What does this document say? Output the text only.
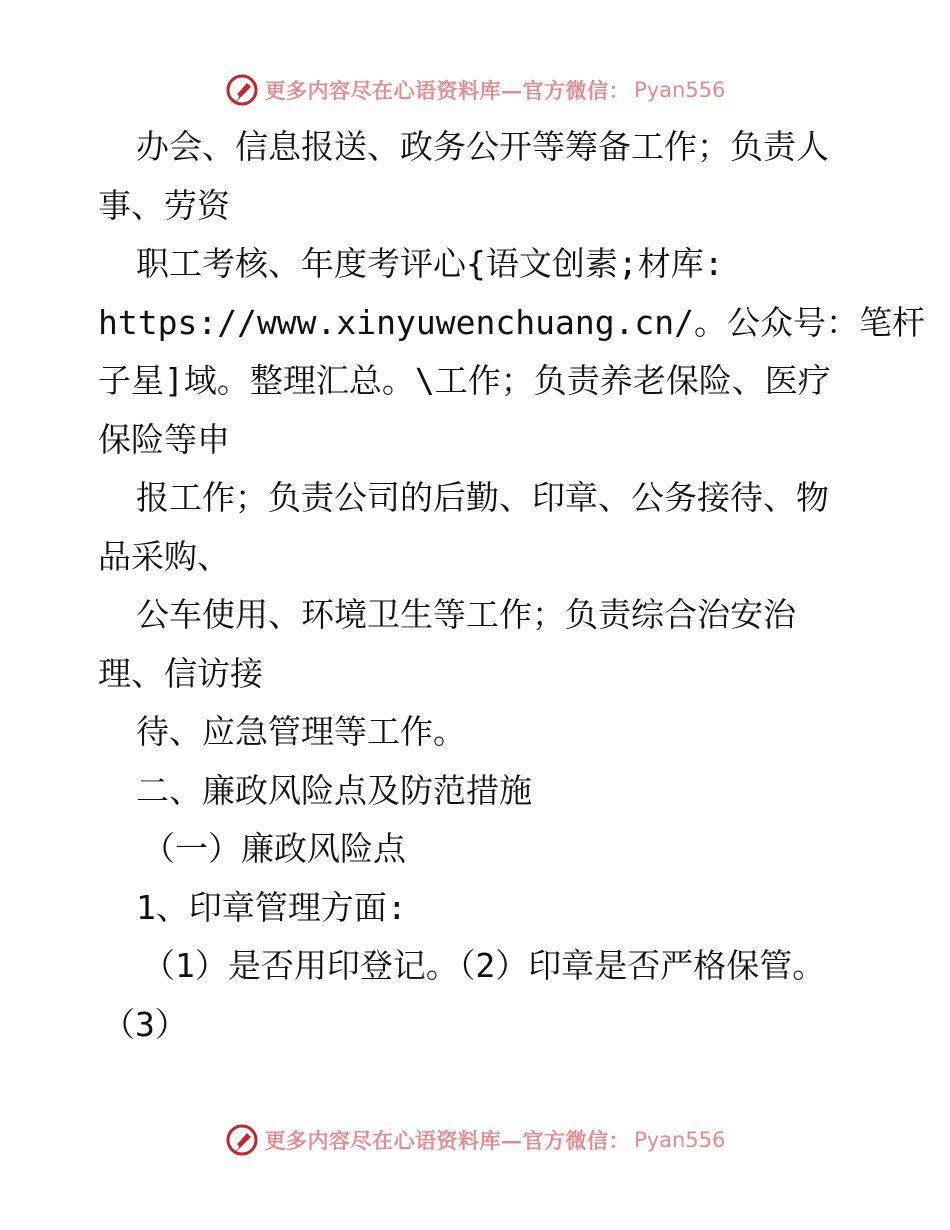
更多内容尽在心语资料库—官方微信： Pyan556
办会、信息报送、政务公开等筹备工作；负责人
事、劳资
职工考核、年度考评心{语文创素;材库:
https://www.xinyuwenchuang.cn/。公众号：笔杆
子星]域。整理汇总。\工作；负责养老保险、医疗
保险等申
报工作；负责公司的后勤、印章、公务接待、物
品采购、
公车使用、环境卫生等工作；负责综合治安治
理、信访接
待、应急管理等工作。
二、廉政风险点及防范措施
（一）廉政风险点
1、印章管理方面:
（1）是否用印登记。（2）印章是否严格保管。
（3）
更多内容尽在心语资料库—官方微信： Pyan556
